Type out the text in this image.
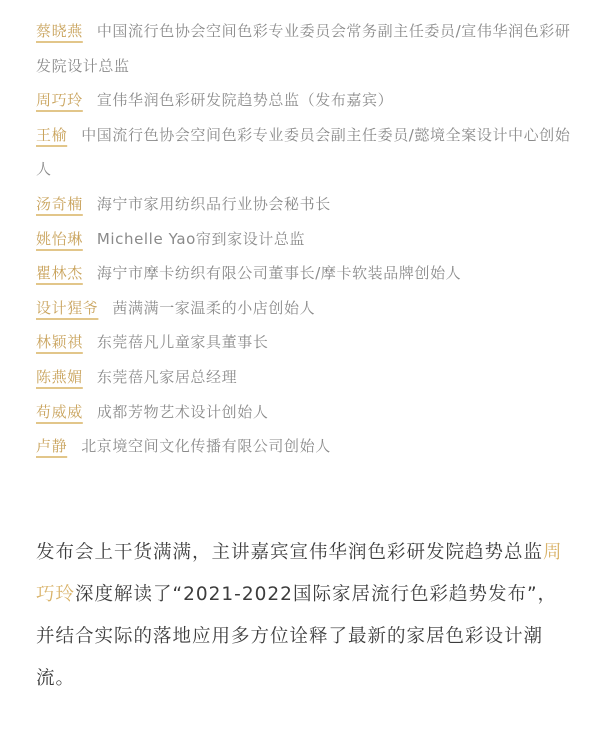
蔡晓燕 中国流行色协会空间色彩专业委员会常务副主任委员/宣伟华润色彩研发院设计总监
周巧玲 宣伟华润色彩研发院趋势总监（发布嘉宾）
王榆 中国流行色协会空间色彩专业委员会副主任委员/懿境全案设计中心创始人
汤奇楠 海宁市家用纺织品行业协会秘书长
姚怡琳 Michelle Yao帘到家设计总监
瞿林杰 海宁市摩卡纺织有限公司董事长/摩卡软装品牌创始人
设计猩爷 茜满满一家温柔的小店创始人
林颖祺 东莞蓓凡儿童家具董事长
陈燕媚 东莞蓓凡家居总经理
苟威威 成都芳物艺术设计创始人
卢静 北京境空间文化传播有限公司创始人
发布会上干货满满，主讲嘉宾宣伟华润色彩研发院趋势总监周巧玲深度解读了“2021-2022国际家居流行色彩趋势发布”，并结合实际的落地应用多方位诠释了最新的家居色彩设计潮流。
